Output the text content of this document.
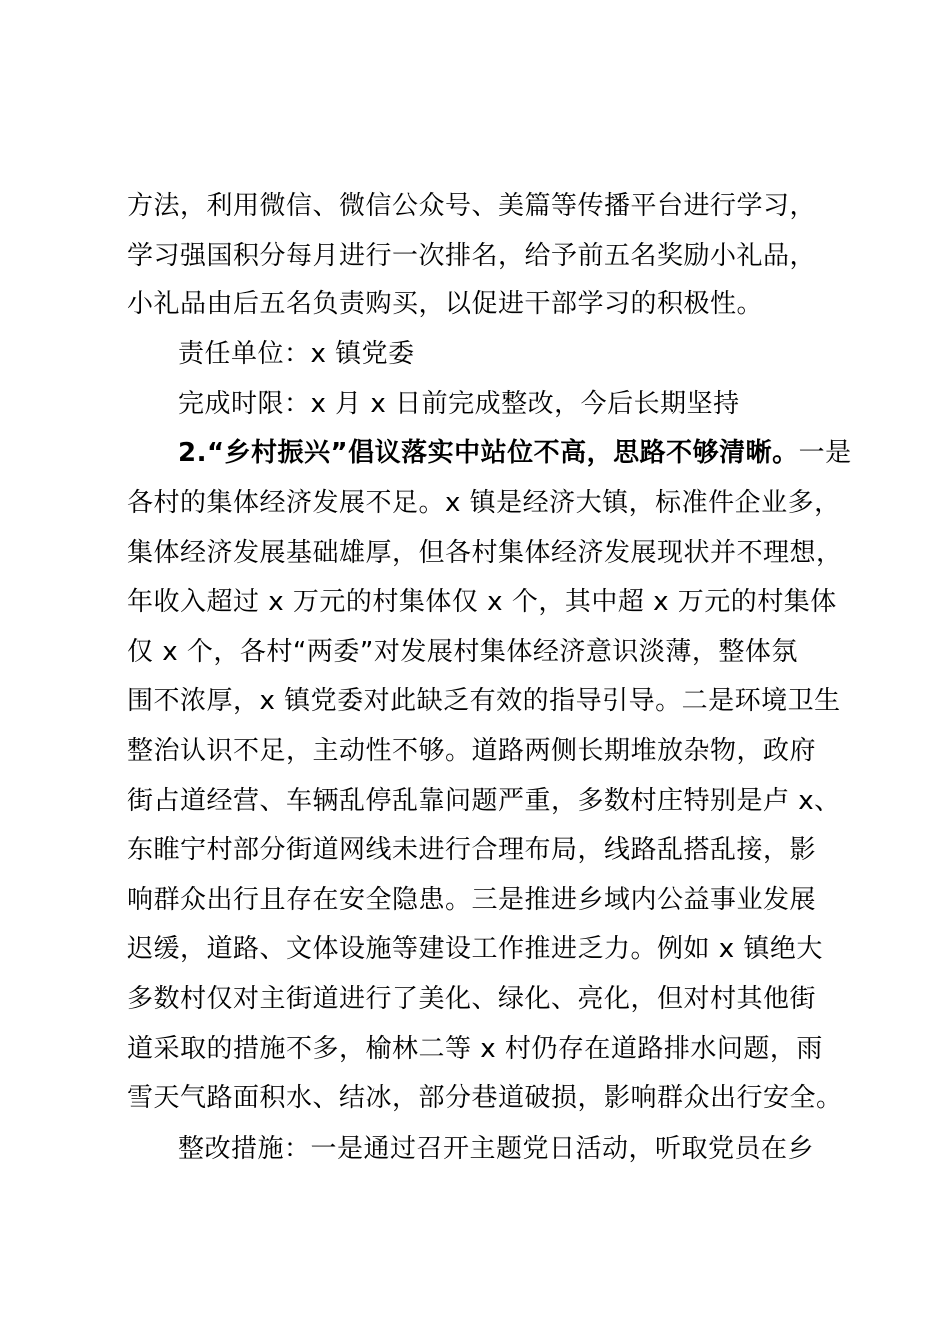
方法，利用微信、微信公众号、美篇等传播平台进行学习，
学习强国积分每月进行一次排名，给予前五名奖励小礼品，
小礼品由后五名负责购买，以促进干部学习的积极性。
责任单位：x 镇党委
完成时限：x 月 x 日前完成整改，今后长期坚持
2.“乡村振兴”倡议落实中站位不高，思路不够清晰。一是
各村的集体经济发展不足。x 镇是经济大镇，标准件企业多，
集体经济发展基础雄厚，但各村集体经济发展现状并不理想，
年收入超过 x 万元的村集体仅 x 个，其中超 x 万元的村集体
仅 x 个，各村“两委”对发展村集体经济意识淡薄，整体氛
围不浓厚，x 镇党委对此缺乏有效的指导引导。二是环境卫生
整治认识不足，主动性不够。道路两侧长期堆放杂物，政府
街占道经营、车辆乱停乱靠问题严重，多数村庄特别是卢 x、
东睢宁村部分街道网线未进行合理布局，线路乱搭乱接，影
响群众出行且存在安全隐患。三是推进乡域内公益事业发展
迟缓，道路、文体设施等建设工作推进乏力。例如 x 镇绝大
多数村仅对主街道进行了美化、绿化、亮化，但对村其他街
道采取的措施不多，榆林二等 x 村仍存在道路排水问题，雨
雪天气路面积水、结冰，部分巷道破损，影响群众出行安全。
整改措施：一是通过召开主题党日活动，听取党员在乡
